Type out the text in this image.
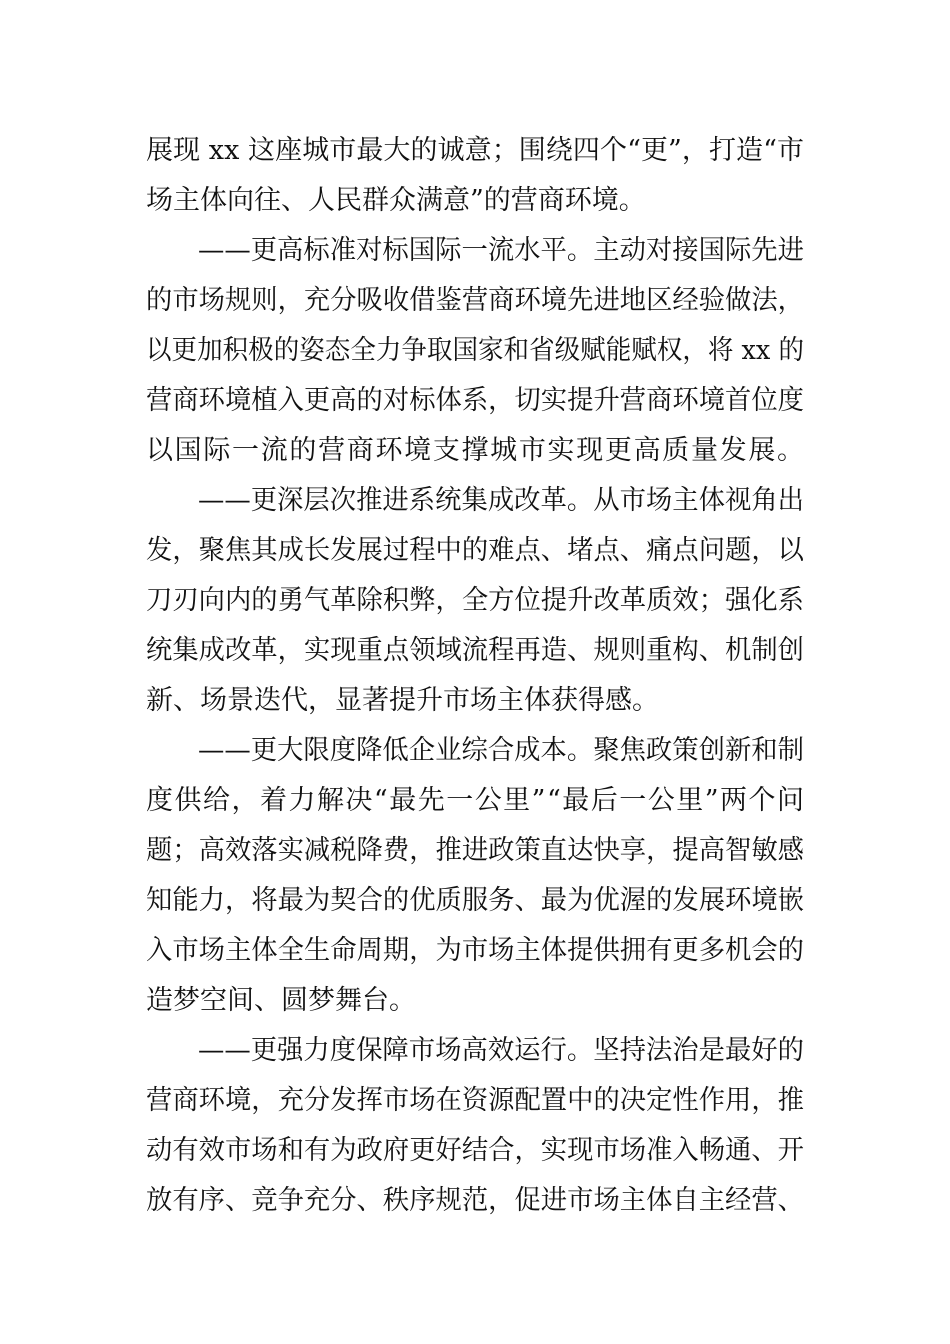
展现 xx 这座城市最大的诚意；围绕四个“更”，打造“市
场主体向往、人民群众满意”的营商环境。
——更高标准对标国际一流水平。主动对接国际先进
的市场规则，充分吸收借鉴营商环境先进地区经验做法，
以更加积极的姿态全力争取国家和省级赋能赋权，将 xx 的
营商环境植入更高的对标体系，切实提升营商环境首位度
以国际一流的营商环境支撑城市实现更高质量发展。
——更深层次推进系统集成改革。从市场主体视角出
发，聚焦其成长发展过程中的难点、堵点、痛点问题，以
刀刃向内的勇气革除积弊，全方位提升改革质效；强化系
统集成改革，实现重点领域流程再造、规则重构、机制创
新、场景迭代，显著提升市场主体获得感。
——更大限度降低企业综合成本。聚焦政策创新和制
度供给，着力解决“最先一公里”“最后一公里”两个问
题；高效落实减税降费，推进政策直达快享，提高智敏感
知能力，将最为契合的优质服务、最为优渥的发展环境嵌
入市场主体全生命周期，为市场主体提供拥有更多机会的
造梦空间、圆梦舞台。
——更强力度保障市场高效运行。坚持法治是最好的
营商环境，充分发挥市场在资源配置中的决定性作用，推
动有效市场和有为政府更好结合，实现市场准入畅通、开
放有序、竞争充分、秩序规范，促进市场主体自主经营、
